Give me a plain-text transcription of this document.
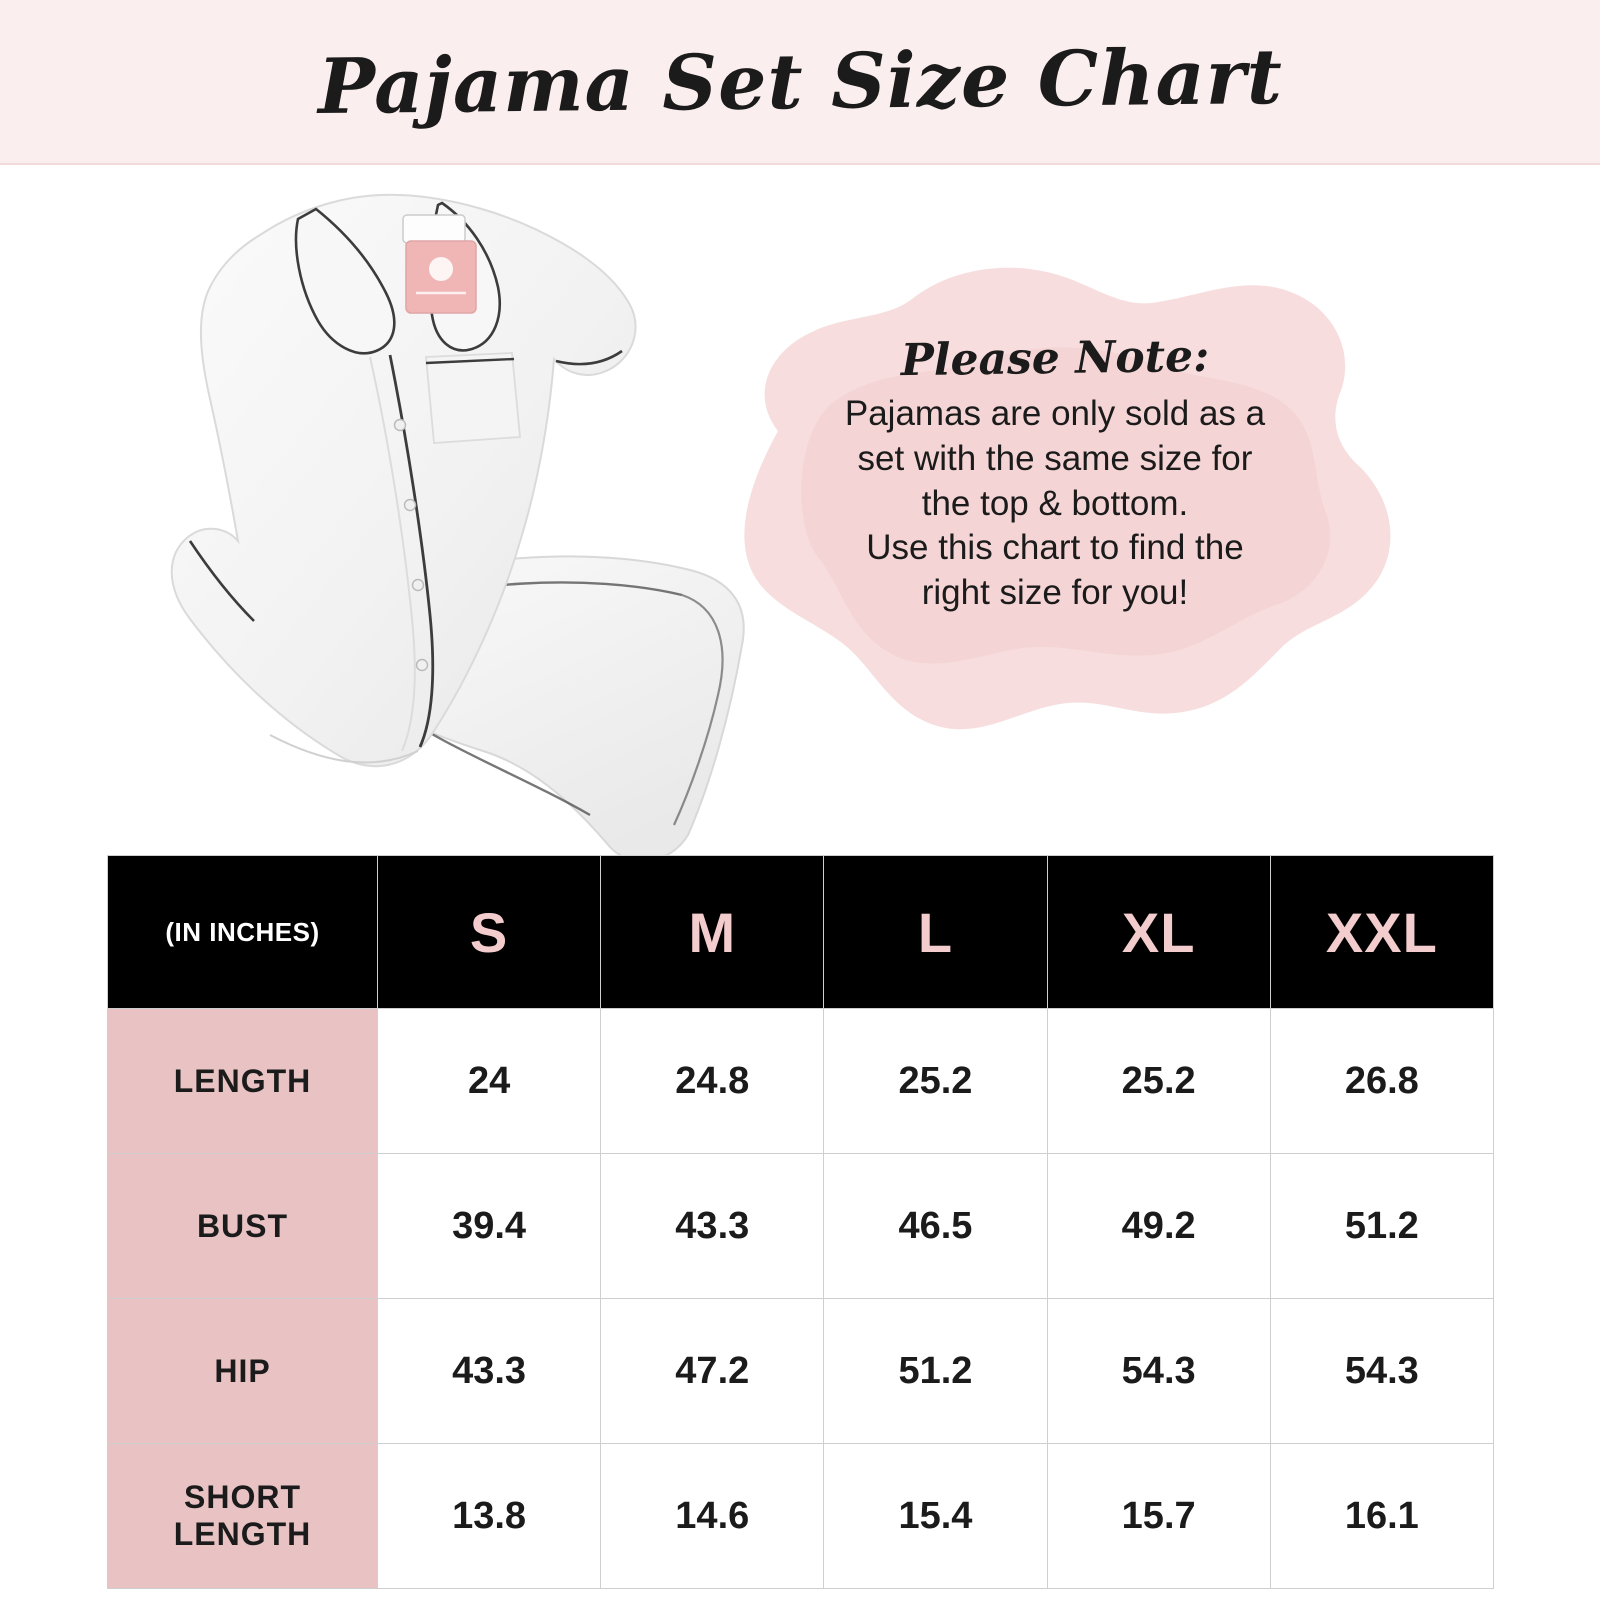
Pajama Set Size Chart
Please Note:
Pajamas are only sold as a
set with the same size for
the top & bottom.
Use this chart to find the
right size for you!
(IN INCHES)	S	M	L	XL	XXL
LENGTH	24	24.8	25.2	25.2	26.8
BUST	39.4	43.3	46.5	49.2	51.2
HIP	43.3	47.2	51.2	54.3	54.3
SHORT
LENGTH	13.8	14.6	15.4	15.7	16.1
